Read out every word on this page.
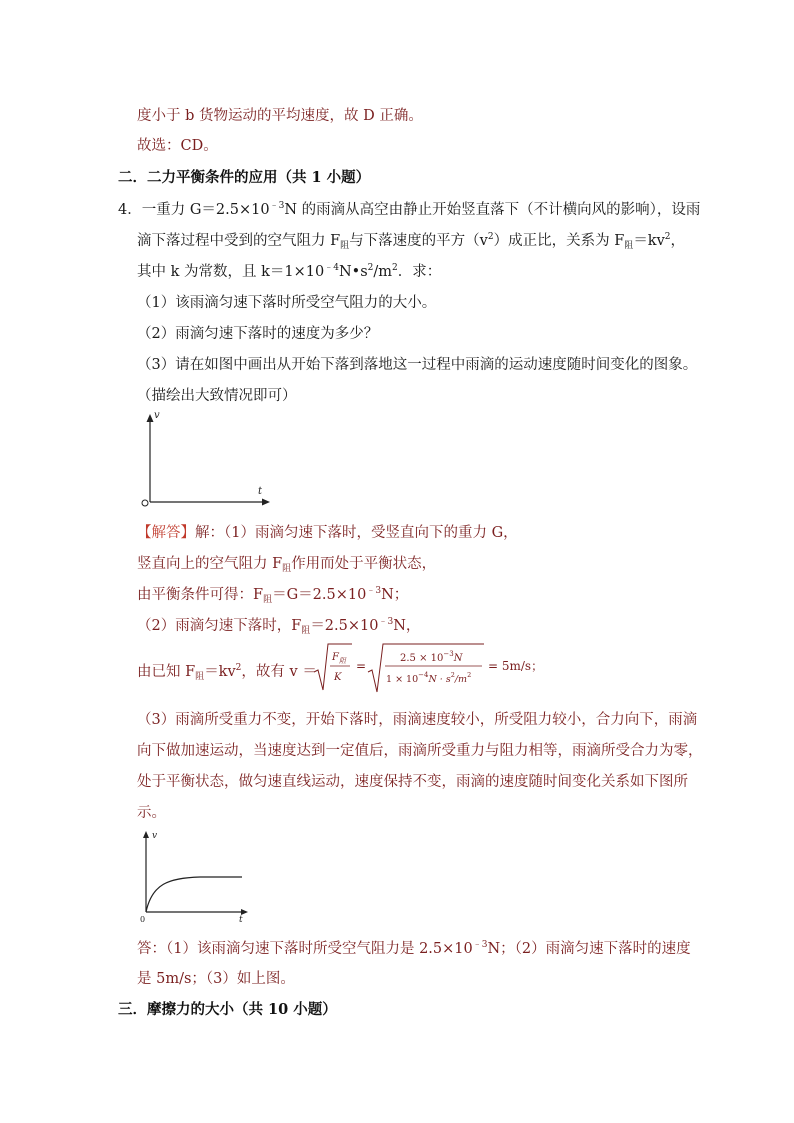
度小于 b 货物运动的平均速度，故 D 正确。
故选：CD。
二．二力平衡条件的应用（共 1 小题）
4．一重力 $G=2.5\times 10^{﹣3}N$ 的雨滴从高空由静止开始竖直落下（不计横向风的影响），设雨
滴下落过程中受到的空气阻力 $F_阻$与下落速度的平方$(v^2)$成正比，关系为 $F_阻=kv^2$，
其中 k 为常数，且 $k=1\times 10^{﹣4}N•s^2/m^2$．求：
（1）该雨滴匀速下落时所受空气阻力的大小。
（2）雨滴匀速下落时的速度为多少？
（3）请在如图中画出从开始下落到落地这一过程中雨滴的运动速度随时间变化的图象。
（描绘出大致情况即可）
v
t
【解答】解：（1）雨滴匀速下落时，受竖直向下的重力 G，
竖直向上的空气阻力 $F_阻$作用而处于平衡状态，
由平衡条件可得：$F_阻=G=2.5\times 10^{﹣3}N$；
（2）雨滴匀速下落时，$F_阻=2.5\times 10^{﹣3}N$，
由已知 $F_阻=kv^2$，故有 v ＝
$F_阻$
K
=
$2.5 \times 10^{-3}N$
$1 \times 10^{-4}N \cdot s^2/m^2$
= 5m/s；
（3）雨滴所受重力不变，开始下落时，雨滴速度较小，所受阻力较小，合力向下，雨滴
向下做加速运动，当速度达到一定值后，雨滴所受重力与阻力相等，雨滴所受合力为零，
处于平衡状态，做匀速直线运动，速度保持不变，雨滴的速度随时间变化关系如下图所
示。
v
t
0
答：（1）该雨滴匀速下落时所受空气阻力是 $2.5\times 10^{﹣3}N$；（2）雨滴匀速下落时的速度
是 5m/s；（3）如上图。
三．摩擦力的大小（共 10 小题）
